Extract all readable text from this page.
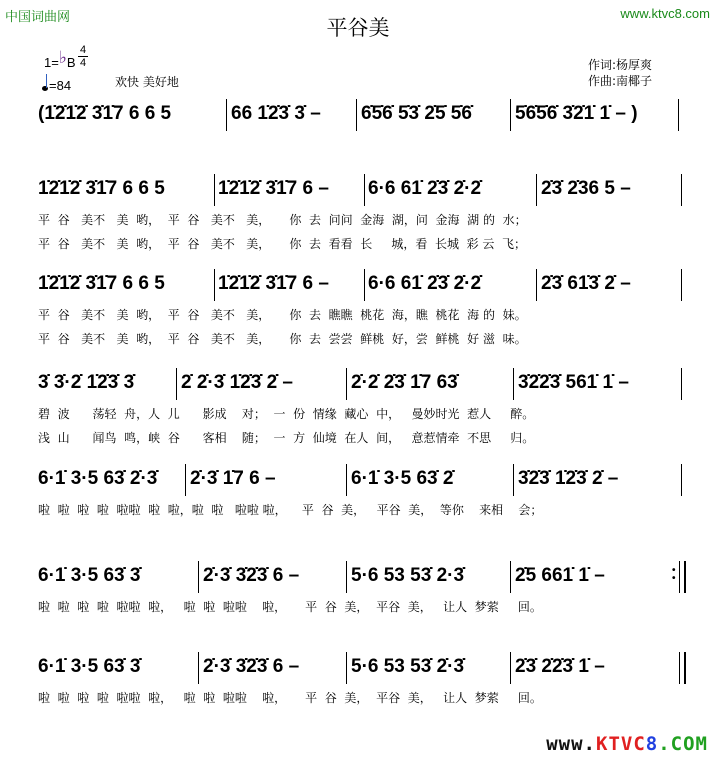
中国词曲网	www.ktvc8.com
平谷美
1=♭B
4
4
=84	欢快 美好地
作词:杨厚爽
作曲:南椰子
(1̇2̇1̇2̇ 3̇1̇7 6 6 5	66 1̇2̇3̇ 3̇ – 6̇5̇6̇ 5̇3̇ 2̇5̇ 5̇6̇ 5̇6̇5̇6̇ 3̇2̇1̇ 1̇ – )
1̇2̇1̇2̇ 3̇1̇7 6 6 5	1̇2̇1̇2̇ 3̇1̇7 6 – 6·6 61̇ 2̇3̇ 2̇·2̇	2̇3̇ 2̇36 5 –
平  谷   美不   美  哟，  平  谷   美不   美，     你  去  问问  金海  湖，问  金海  湖 的  水；
平  谷   美不   美  哟，  平  谷   美不   美，     你  去  看看  长     城，看  长城  彩 云  飞；
1̇2̇1̇2̇ 3̇1̇7 6 6 5	1̇2̇1̇2̇ 3̇1̇7 6 – 6·6 61̇ 2̇3̇ 2̇·2̇	2̇3̇ 61̇3̇ 2̇ –
平  谷   美不   美  哟，  平  谷   美不   美，     你  去  瞧瞧  桃花  海，瞧  桃花  海 的  妹。
平  谷   美不   美  哟，  平  谷   美不   美，     你  去  尝尝  鲜桃  好，尝  鲜桃  好 滋  味。
3̇ 3̇·2̇ 1̇2̇3̇ 3̇ 2̇ 2̇·3̇ 1̇2̇3̇ 2̇ –	2̇·2̇ 2̇3̇ 1̇7 63̇	3̇2̇2̇3̇ 561̇ 1̇ –
碧  波      荡轻  舟，人  儿      影成    对；  一  份  情缘  藏心  中，   曼妙时光  惹人     醉。
浅  山      闻鸟  鸣，峡  谷      客相    随；  一  方  仙境  在人  间，   意惹情牵  不思     归。
6·1̇ 3·5 63̇ 2̇·3̇ 2̇·3̇ 1̇7 6 –	6·1̇ 3·5 63̇ 2̇	3̇2̇3̇ 1̇2̇3̇ 2̇ –
啦  啦  啦  啦  啦啦  啦  啦，啦  啦   啦啦 啦，    平  谷  美，   平谷  美，  等你    来相    会；
6·1̇ 3·5 63̇ 3̇	2̇·3̇ 3̇2̇3̇ 6 –	5·6 53 53̇ 2·3̇	2̇5 661̇ 1̇ –	•
•
啦  啦  啦  啦  啦啦  啦，   啦  啦  啦啦    啦，     平  谷  美，  平谷  美，   让人  梦萦     回。
6·1̇ 3·5 63̇ 3̇	2̇·3̇ 3̇2̇3̇ 6 –	5·6 53 53̇ 2̇·3̇	2̇3̇ 2̇2̇3̇ 1̇ –
啦  啦  啦  啦  啦啦  啦，   啦  啦  啦啦    啦，     平  谷  美，  平谷  美，   让人  梦萦     回。
www.KTVC8.COM
